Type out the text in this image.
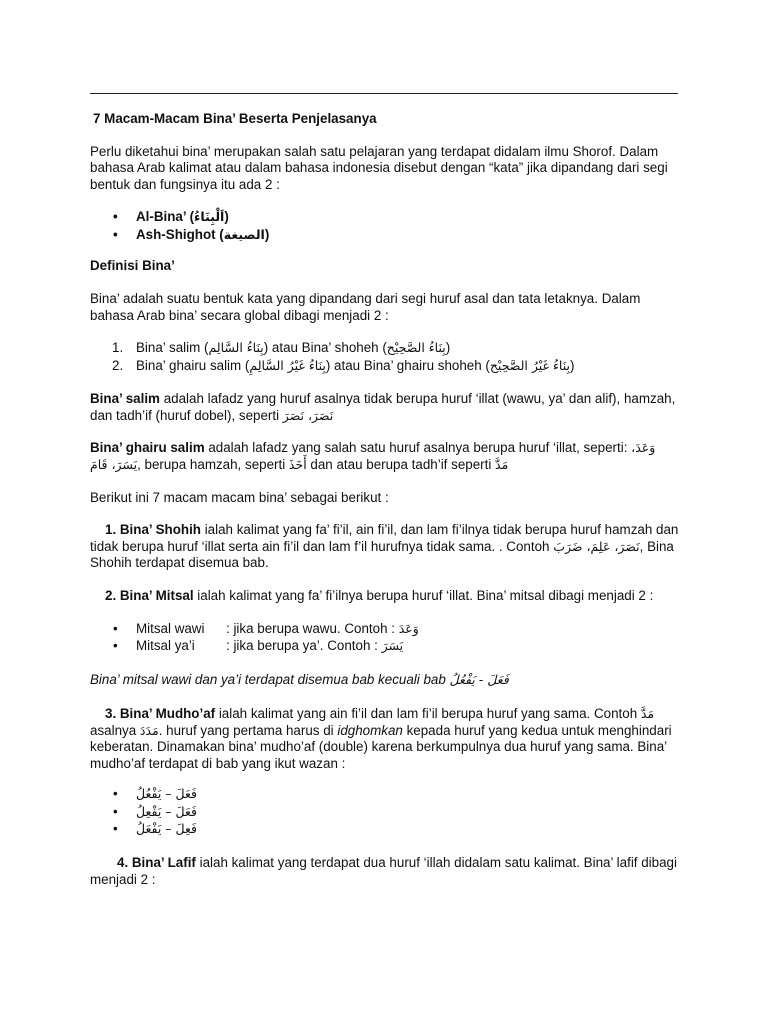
7 Macam-Macam Bina’ Beserta Penjelasanya

Perlu diketahui bina’ merupakan salah satu pelajaran yang terdapat didalam ilmu Shorof. Dalam bahasa Arab kalimat atau dalam bahasa indonesia disebut dengan “kata” jika dipandang dari segi bentuk dan fungsinya itu ada 2 :

• Al-Bina’ (اَلْبِنَاءُ)
• Ash-Shighot (الصيغة)

Definisi Bina’

Bina’ adalah suatu bentuk kata yang dipandang dari segi huruf asal dan tata letaknya. Dalam bahasa Arab bina’ secara global dibagi menjadi 2 :

1. Bina’ salim (بِنَاءُ السَّالِم) atau Bina’ shoheh (بِنَاءُ الصَّحِيْح)
2. Bina’ ghairu salim (بِنَاءُ غَيْرُ السَّالِمِ) atau Bina’ ghairu shoheh (بِنَاءُ غَيْرُ الصَّحِيْح)

Bina’ salim adalah lafadz yang huruf asalnya tidak berupa huruf ‘illat (wawu, ya’ dan alif), hamzah, dan tadh’if (huruf dobel), seperti نَصَرَ، نَصَرَ

Bina’ ghairu salim adalah lafadz yang salah satu huruf asalnya berupa huruf ‘illat, seperti: وَعَدَ، يَسَرَ، قَامَ, berupa hamzah, seperti أَخَذَ dan atau berupa tadh’if seperti مَدَّ

Berikut ini 7 macam macam bina’ sebagai berikut :

1. Bina’ Shohih ialah kalimat yang fa’ fi’il, ain fi’il, dan lam fi’ilnya tidak berupa huruf hamzah dan tidak berupa huruf ‘illat serta ain fi’il dan lam f’il hurufnya tidak sama. . Contoh نَصَرَ، عَلِمَ، ضَرَبَ, Bina Shohih terdapat disemua bab.

2. Bina’ Mitsal ialah kalimat yang fa’ fi’ilnya berupa huruf ‘illat. Bina’ mitsal dibagi menjadi 2 :

• Mitsal wawi : jika berupa wawu. Contoh : وَعَدَ
• Mitsal ya’i : jika berupa ya’. Contoh : يَسَرَ

Bina’ mitsal wawi dan ya’i terdapat disemua bab kecuali bab فَعَلَ - يَفْعُلُ

3. Bina’ Mudho’af ialah kalimat yang ain fi’il dan lam fi’il berupa huruf yang sama. Contoh مَدَّ asalnya مَدَدَ. huruf yang pertama harus di idghomkan kepada huruf yang kedua untuk menghindari keberatan. Dinamakan bina’ mudho’af (double) karena berkumpulnya dua huruf yang sama. Bina’ mudho’af terdapat di bab yang ikut wazan :

• فَعَلَ – يَفْعُلُ
• فَعَلَ – يَفْعِلُ
• فَعِلَ – يَفْعَلُ

4. Bina’ Lafif ialah kalimat yang terdapat dua huruf ‘illah didalam satu kalimat. Bina’ lafif dibagi menjadi 2 :
